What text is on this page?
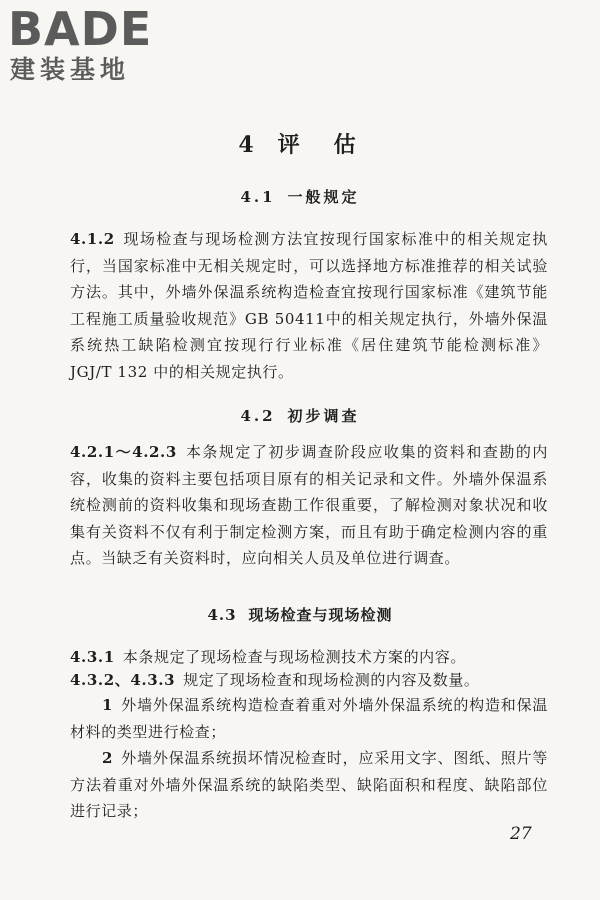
BADE
建装基地
4 评 估
4.1 一般规定
4.1.2 现场检查与现场检测方法宜按现行国家标准中的相关规定执行，当国家标准中无相关规定时，可以选择地方标准推荐的相关试验方法。其中，外墙外保温系统构造检查宜按现行国家标准《建筑节能工程施工质量验收规范》GB 50411中的相关规定执行，外墙外保温系统热工缺陷检测宜按现行行业标准《居住建筑节能检测标准》JGJ/T 132 中的相关规定执行。
4.2 初步调查
4.2.1～4.2.3 本条规定了初步调查阶段应收集的资料和查勘的内容，收集的资料主要包括项目原有的相关记录和文件。外墙外保温系统检测前的资料收集和现场查勘工作很重要，了解检测对象状况和收集有关资料不仅有利于制定检测方案，而且有助于确定检测内容的重点。当缺乏有关资料时，应向相关人员及单位进行调查。
4.3 现场检查与现场检测
4.3.1 本条规定了现场检查与现场检测技术方案的内容。
4.3.2、4.3.3 规定了现场检查和现场检测的内容及数量。
1 外墙外保温系统构造检查着重对外墙外保温系统的构造和保温材料的类型进行检查；
2 外墙外保温系统损坏情况检查时，应采用文字、图纸、照片等方法着重对外墙外保温系统的缺陷类型、缺陷面积和程度、缺陷部位进行记录；
27
